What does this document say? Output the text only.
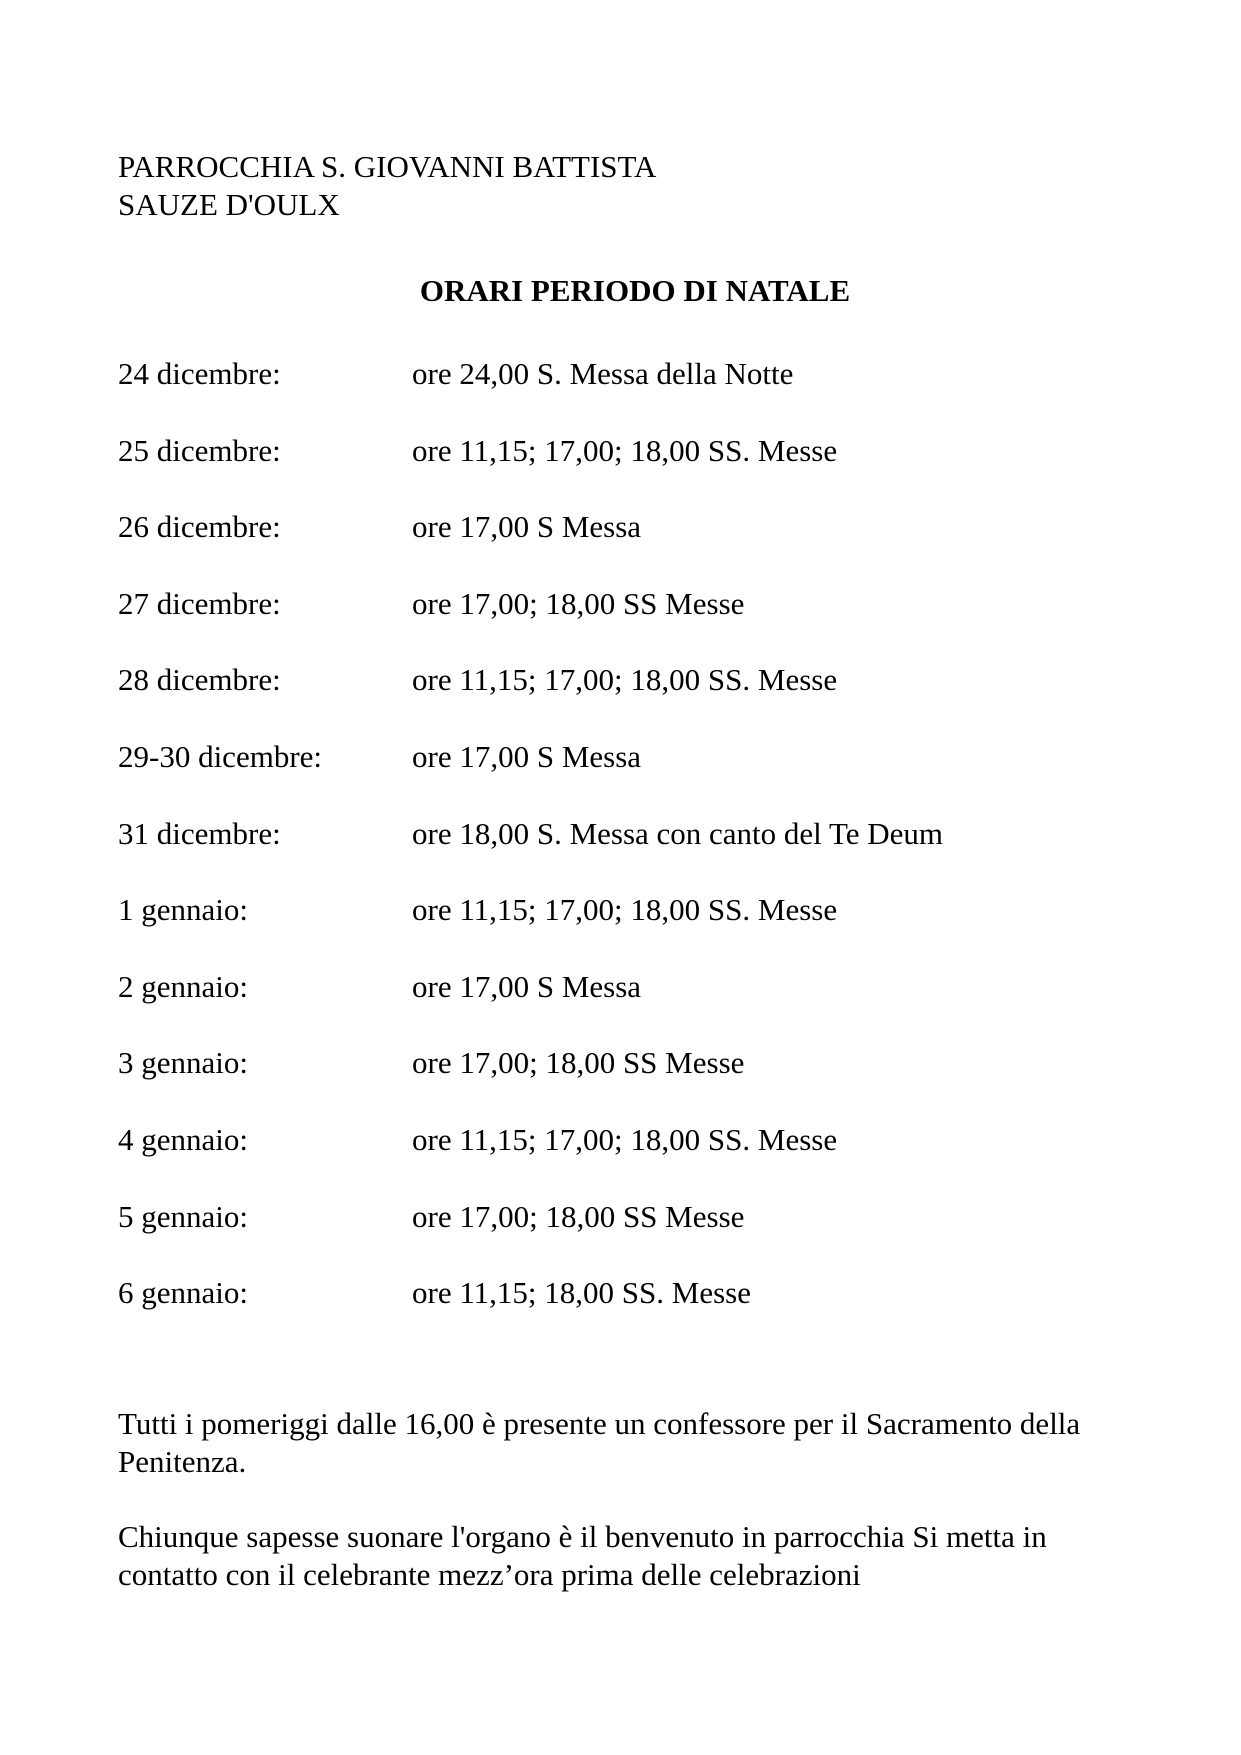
PARROCCHIA S. GIOVANNI BATTISTA
SAUZE D'OULX
ORARI PERIODO DI NATALE
24 dicembre:	ore 24,00 S. Messa della Notte
25 dicembre:	ore 11,15; 17,00; 18,00 SS. Messe
26 dicembre:	ore 17,00 S Messa
27 dicembre:	ore 17,00; 18,00 SS Messe
28 dicembre:	ore 11,15; 17,00; 18,00 SS. Messe
29-30 dicembre:	ore 17,00 S Messa
31 dicembre:	ore 18,00 S. Messa con canto del Te Deum
1 gennaio:	ore 11,15; 17,00; 18,00 SS. Messe
2 gennaio:	ore 17,00 S Messa
3 gennaio:	ore 17,00; 18,00 SS Messe
4 gennaio:	ore 11,15; 17,00; 18,00 SS. Messe
5 gennaio:	ore 17,00; 18,00 SS Messe
6 gennaio:	ore 11,15; 18,00 SS. Messe

Tutti i pomeriggi dalle 16,00 è presente un confessore per il Sacramento della Penitenza.

Chiunque sapesse suonare l'organo è il benvenuto in parrocchia Si metta in contatto con il celebrante mezz’ora prima delle celebrazioni
